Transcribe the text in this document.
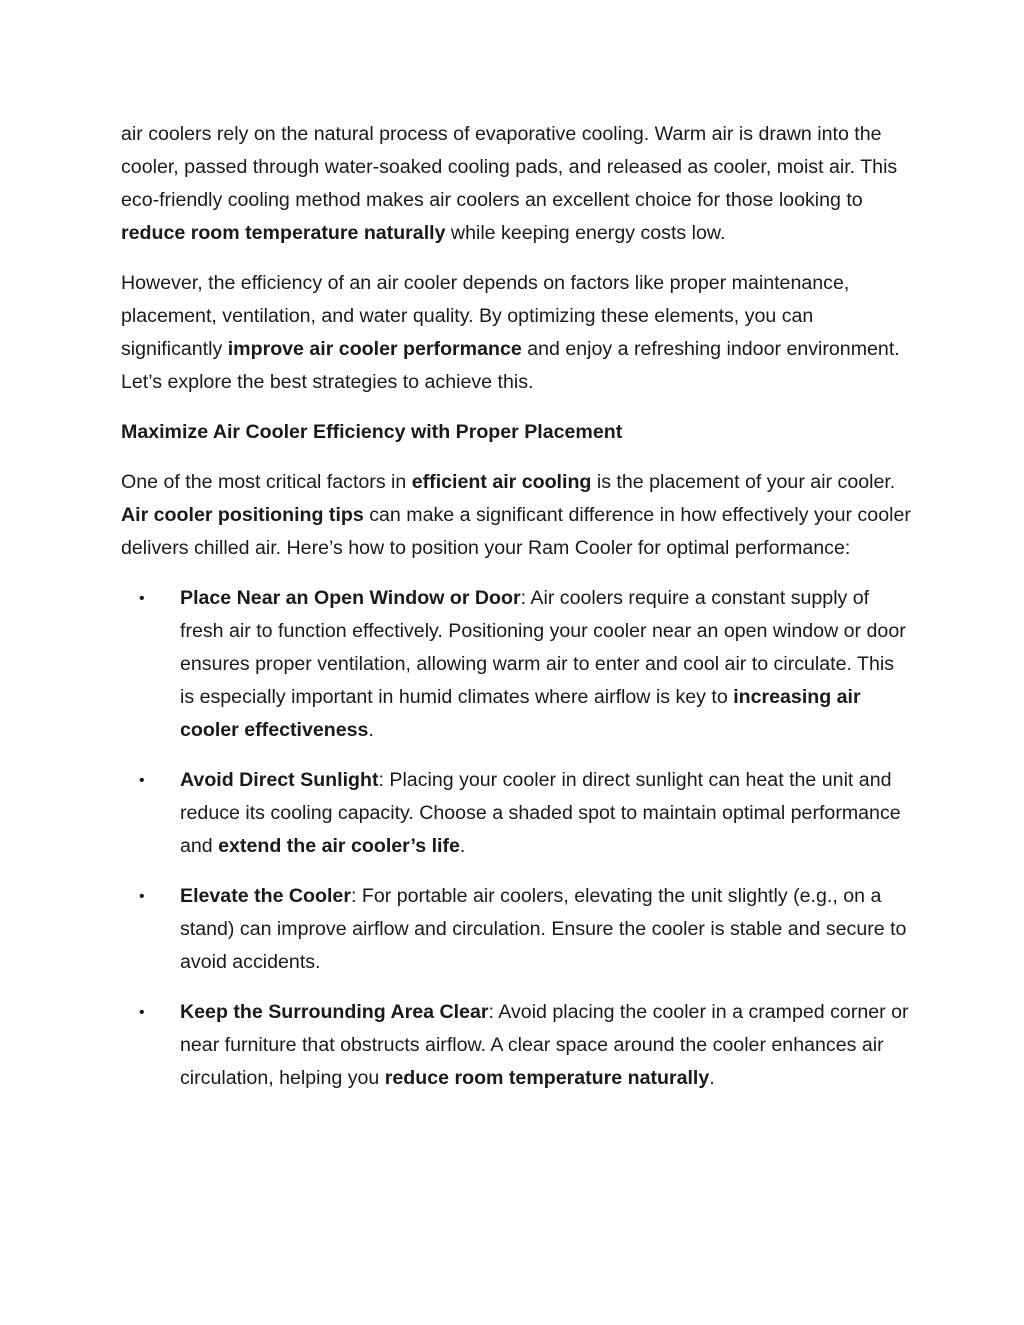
air coolers rely on the natural process of evaporative cooling. Warm air is drawn into the cooler, passed through water-soaked cooling pads, and released as cooler, moist air. This eco-friendly cooling method makes air coolers an excellent choice for those looking to reduce room temperature naturally while keeping energy costs low.

However, the efficiency of an air cooler depends on factors like proper maintenance, placement, ventilation, and water quality. By optimizing these elements, you can significantly improve air cooler performance and enjoy a refreshing indoor environment. Let’s explore the best strategies to achieve this.

Maximize Air Cooler Efficiency with Proper Placement

One of the most critical factors in efficient air cooling is the placement of your air cooler. Air cooler positioning tips can make a significant difference in how effectively your cooler delivers chilled air. Here’s how to position your Ram Cooler for optimal performance:

• Place Near an Open Window or Door: Air coolers require a constant supply of fresh air to function effectively. Positioning your cooler near an open window or door ensures proper ventilation, allowing warm air to enter and cool air to circulate. This is especially important in humid climates where airflow is key to increasing air cooler effectiveness.
• Avoid Direct Sunlight: Placing your cooler in direct sunlight can heat the unit and reduce its cooling capacity. Choose a shaded spot to maintain optimal performance and extend the air cooler’s life.
• Elevate the Cooler: For portable air coolers, elevating the unit slightly (e.g., on a stand) can improve airflow and circulation. Ensure the cooler is stable and secure to avoid accidents.
• Keep the Surrounding Area Clear: Avoid placing the cooler in a cramped corner or near furniture that obstructs airflow. A clear space around the cooler enhances air circulation, helping you reduce room temperature naturally.
